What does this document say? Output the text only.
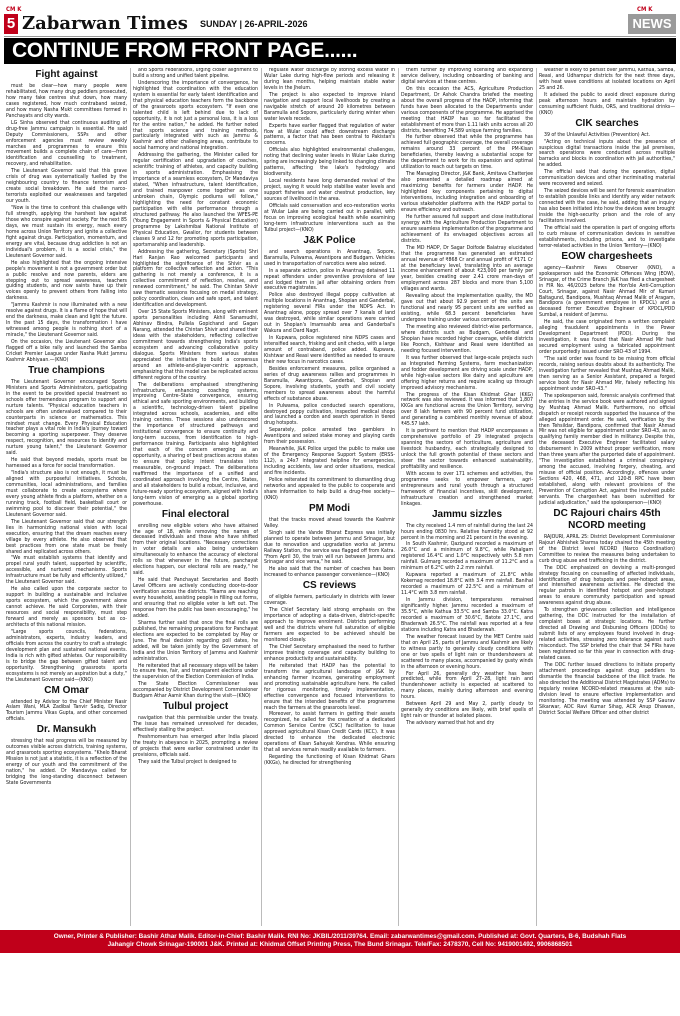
CM K	CM K
5 Zabarwan Times SUNDAY | 26-APRIL-2026	NEWS
CONTINUE FROM FRONT PAGE......
Fight against

must be clear—how many people were rehabilitated, how many drug peddlers prosecuted, how many fake centres shut down, how many cases registered, how much contraband seized, and how many Nasha Mukt committees formed in Panchayats and city wards.

LG Sinha observed that continuous auditing of drug-free Jammu campaign is essential. He said Deputy Commissioners, SSPs and other enforcement agencies must review weekly marches and programmes to ensure this movement builds a complete chain of care—from identification and counselling to treatment, recovery, and rehabilitation.

The Lieutenant Governor said that this grave crisis of drug was systematically fuelled by the neighbouring country to finance terrorism and create social breakdown. He said the narco-terrorists exploited our weaknesses and targeted our youth.

"Now is the time to confront this challenge with full strength, applying the harshest law against those who conspire against society. For the next 85 days, we must sustain its energy, reach every home across Union Territory and ignite a collective fight against drugs. Participation, momentum, and energy are vital, because drug addiction is not an individual's problem, it is a social crisis," the Lieutenant Governor said.

He also highlighted that the ongoing intensive people's movement is not a government order but a public resolve and now parents, elders are stepping out to spread awareness, teachers guiding students, and now saints have up their voices openly to prevent others from falling into darkness.

"Jammu Kashmir is now illuminated with a new resolve against drugs. It is a flame of hope that will end the darkness, make clean and light the future. In the past 15 days, the transformation I have witnessed among people is nothing short of a miracle," the Lieutenant Governor said.

On the occasion, the Lieutenant Governor also flagged off a bike rally and launched the Samba Cricket Premier League under Nasha Mukt Jammu Kashmir Abhiyaan.—(KNO)

True champions

The Lieutenant Governor encouraged Sports Ministers and Sports Administrators, participating in the event to be provided special treatment so schools offer tremendous program to support and nurture talents. "Physical education teachers in schools are often undervalued compared to their counterparts in science or mathematics. This mindset must change. Every Physical Education teacher plays a vital role in India's journey toward becoming a sporting superpower. They deserve respect, recognition, and resources to identify and nurture young talent," the Lieutenant Governor said.

He said that beyond medals, sports must be harnessed as a force for social transformation.

"India's structure also is not enough, it must be aligned with purposeful initiatives. Schools, communities, local administrations, and families must collaborate to create ecosystems where every young athlete finds a platform, whether on a running track, football field, basketball court or swimming pool to discover their potential," the Lieutenant Governor said.

The Lieutenant Governor said that our strength lies in harmonizing national vision with local execution, ensuring that the dream reaches every village by every athlete. He also observed that best practices from one state must be freely shared and replicated across others.

"We must establish systems that identify and propel rural youth talent, supported by scientific, accessible, and nurtured mechanisms. Sports infrastructure must be fully and efficiently utilized," the Lieutenant Governor said.

He also called upon the corporate sector to support in building a sustainable and inclusive sports ecosystem, which the government alone cannot achieve. He said Corporates, with their resources and social responsibility, must step forward and merely as sponsors but as co-architects of this national mission.

"Large sports councils, federations, administrators, experts, industry leaders, and officials from across the country to craft a strategic development plan and sustained national events. India is rich with gifted athletes. Our responsibility is to bridge the gap between gifted talent and opportunity. Strengthening grassroots sports ecosystems is not merely an aspiration but a duty," the Lieutenant Governor said—(KNO)

CM Omar

attended by Advisor to the Chief Minister Nasir Aslam Wani, MLA Zadibal Tanvir Sadiq, Director Tourism Jammu Vikas Gupta, and other concerned officials.

Dr. Mansukh

stressing that real progress will be measured by outcomes visible across districts, training systems, and grassroots sporting ecosystems. "Khelo Bharat Mission is not just a statistic, it is a reflection of the energy of our youth and the commitment of the nation," he added. Dr Mandaviya called for bridging the long-standing disconnect between State Governments

and Sports Federations, urging closer alignment to build a strong and unified talent pipeline.

Underscoring the importance of convergence, he highlighted that coordination with the education system is essential for early talent identification and that physical education teachers form the backbone of the grassroots sports ecosystem. "If even one talented child is left behind due to lack of opportunity, it is not just a personal loss, it is a loss for the entire nation," he added. He further noted that sports science and training methods, particularly integrated with such as Jammu & Kashmir and other challenging areas, contribute to social harmony and national integration.

Addressing the gathering, the Minister called for regular certification and upgradation of coaches, scientific training of athletes, and capacity building in sports administration. Emphasising the importance of a seamless ecosystem, Dr Mandaviya stated, "When infrastructure, talent identification, and trained manpower come together as one unbroken chain, Olympic podiums will follow," highlighting the need for constant economic participation with elite performance through a structured pathway. He also launched the WFES-PE (Young Engagement in Sports & Physical Education) programme by Lakshmibai National Institute of Physical Education, Gwalior, for students between classes 9 and 12 for promoting sports participation, sportsmanship and leadership.

Addressing the gathering, Secretary (Sports) Shri Hari Ranjan Rao welcomed participants and highlighted the significance of the Shivir as a platform for collective reflection and action. "This gathering is not merely a conference, it is a collective commitment of reflection, resolve, and renewed commitment," he said. The Chintan Shivir saw thematic sessions focusing on medal strategy, policy coordination, clean and safe sport, and talent identification and development.

Over 15 State Sports Ministers, along with eminent sports personalities including Akhil Sanamudhi, Abhinav Bindra, Pullela Gopichand and Gagan Narang, attended the Chintan Shivir and shared their ideas with the stakeholders, reflecting collective commitment towards strengthening India's sports ecosystem and advancing collaborative policy dialogue. Sports Ministers from various states appreciated the initiative to build a consensus around an athlete-and-player-centric approach, emphasizing that this model can be replicated across different regions of the country.

The deliberations emphasised strengthening infrastructure, enhancing coaching systems, improving Centre–State convergence, ensuring ethical and safe sporting environments, and building a scientific, technology-driven talent pipeline integrated across schools, academies, and elite training centres. These sessions also underscored the importance of structured pathways and institutional convergence to ensure continuity and long-term success, from identification to high-performance training. Participants also highlighted that each of the concern emerging as an opportunity, a sharing of best practices across states to ensure that policy intent translates into measurable, on-ground impact. The deliberations reaffirmed the importance of a unified and coordinated approach involving the Centre, States, and all stakeholders to build a robust, inclusive, and future-ready sporting ecosystem, aligned with India's long-term vision of emerging as a global sporting powerhouse.

Final electoral

enrolling new eligible voters who have attained the age of 18, while removing the names of deceased individuals and those who have shifted from their original locations. "Necessary corrections in voter details are also being undertaken simultaneously to enhance the accuracy of electoral rolls so that whenever in the future, panchayat elections happen, our electoral rolls are ready," he said.

He said that Panchayat Secretaries and Booth Level Officers are actively conducting door-to-door verification across the districts. "Teams are reaching every household, assisting people in filling out forms, and ensuring that no eligible voter is left out. The response from the public has been encouraging," he added.

Sharma further said that once the final rolls are published, the remaining preparations for Panchayat elections are expected to be completed by May or June. The final decision regarding poll dates, he added, will be taken jointly by the Government of India and the Union Territory of Jammu and Kashmir administration.

He reiterated that all necessary steps will be taken to ensure free, fair, and transparent elections under the supervision of the Election Commission of India.

The State Election Commissioner was accompanied by District Development Commissioner Budgam Athar Aamir Khan during the visit—(KNO)

Tulbul project

navigation that this permissible under the treaty. The issue has remained unresolved for decades, effectively stalling the project.

Freshmomentum has emerged after India placed the treaty in abeyance in 2025, prompting a review of projects that were earlier constrained under its provisions, officials said.

They said the Tulbul project is designed to

regulate water discharge by storing excess water in Wular Lake during high-flow periods and releasing it during lean months, helping maintain stable water levels in the Jhelum.

The project is also expected to improve inland navigation and support local livelihoods by creating a navigable stretch of around 20 kilometres between Baramulla and Sopore, particularly during winter when water levels recede.

Experts have earlier flagged that regulation of water flow at Wular could affect downstream discharge patterns, a factor that has been central to Pakistan's concerns.

Officials also highlighted environmental challenges, noting that declining water levels in Wular Lake during spring are increasingly being linked to changing climate patterns, affecting the lake's hydrology and biodiversity.

Local residents have long demanded revival of the project, saying it would help stabilise water levels and support fisheries and water chestnut production, key sources of livelihood in the area.

Officials said conservation and eco-restoration works at Wular Lake are being carried out in parallel, with focus on improving ecological health while examining long-term infrastructure interventions such as the Tulbul project—(KNO)

J&K Police

and search operations in Anantnag, Sopore, Baramulla, Pulwama, Awantipora and Budgam. Vehicles used in transportation of narcotics were also seized.

In a separate action, police in Anantnag detained 11 repeat offenders under preventive provisions of law and lodged them in jail after obtaining orders from executive magistrates.

Police also destroyed illegal poppy cultivation at multiple locations in Anantnag, Shopian and Ganderbal, registering several FIRs under the NDPS Act. In Anantnag alone, poppy spread over 7 kanals of land was destroyed, while similar operations were carried out in Shopian's Imamsahib area and Ganderbal's Wakura and Dard Nagri.

In Kupwara, police registered nine NDPS cases and intensified search, frisking and unit checks, with a large amount of contraband, police added. Kupwara, Kishtwar and Reasi were identified as needed to ensure their new focus in narcotics cases.

Besides enforcement measures, police organised a series of drug awareness rallies and programmes in Baramulla, Awantipora, Ganderbal, Shopian and Sopore, involving students, youth and civil society members to spread awareness about the harmful effects of substance abuse.

In Pulwama, police conducted search operations, destroyed poppy cultivation, inspected medical shops and launched a cordon and search operation in tiered drug hotspots.

Separately, police arrested two gamblers in Awantipora and seized stake money and playing cards from their possession.

Meanwhile, J&K Police urged the public to make use of the Emergency Response Support System (ERSS-112), a 24x7 integrated helpline for emergencies, including accidents, law and order situations, medical and fire incidents.

Police reiterated its commitment to dismantling drug networks and appealed to the public to cooperate and share information to help build a drug-free society—(KNO)

PM Modi

that the tracks moved ahead towards the Kashmir Valley.

Singh said the Vande Bharat Express was initially planned to operate between Jammu and Srinagar, but due to renovation and upgradation works at Jammu Railway Station, the service was flagged off from Katra. "From April 30, the train will run between Jammu and Srinagar and vice versa," he said.

He also said that the number of coaches has been increased to enhance passenger convenience—(KNO)

CS reviews

of eligible farmers, particularly in districts with lower coverage.

The Chief Secretary laid strong emphasis on the importance of adopting a data-driven, district-specific approach to improve enrolment. Districts performing well and the districts where full saturation of eligible farmers are expected to be achieved should be monitored closely.

The Chief Secretary emphasised the need to further improve training coverage and capacity building to enhance productivity and sustainability.

He reiterated that HADP has the potential to transform the agricultural landscape of J&K by enhancing farmer incomes, generating employment and promoting sustainable agriculture here. He called for rigorous monitoring, timely implementation, effective convergence and focused interventions to ensure that the intended benefits of the programme reach the farmers at the grassroots level.

Moreover, to assist farmers in getting their assets recognized, he called for the creation of a dedicated Common Service Centre (CSC) facilitation to issue approved agricultural Kisan Credit Cards (KCC). It was directed to enhance the dedicated electronic operations of Kisan Sahayak Kendras. While ensuring that all services remain readily available to farmers.

Regarding the functioning of Kisan Khidmat Ghars (KKGs), he directed for strengthening

them further by improving licensing and expanding service delivery, including onboarding of banking and digital services at these centres.

On this occasion the ACS, Agriculture Production Department, Dr Ashok Chandra briefed the meeting about the overall progress of the HADP, informing that funds have been allocated to the Departments under various components of the programme. He apprised the meeting that HADP has so far facilitated the establishment of more than 1.11 lakh units across all 20 districts, benefiting 74,589 unique farming families.

He further observed that while the programme has achieved full geographic coverage, the overall coverage remains around 33 percent of the PM-Kisan beneficiaries, thereby leaving a substantial scope for the department to work for its expansion and optimal utilization to reach out targets on time.

The Managing Director, J&K Bank, Amitava Chatterjee also presented a detailed roadmap aimed at maximizing benefits for farmers under HADP. He highlighted key components pertaining to digital interventions, including integration and onboarding of various stakeholder platforms with the HADP portal to ensure efficiency and outreach.

He further assured full support and close institutional synergy with the Agriculture Production Department to ensure seamless implementation of the programme and achievement of its envisaged objectives across all districts.

The MD HADP, Dr Sagar Doifode Balatray elucidated that the programme has generated an estimated annual revenue of ₹868 Cr and annual profit of ₹171 Cr at the beneficiary level, translating into an average income enhancement of about ₹23,000 per family per year, besides creating over 2.41 crore man-days of employment across 287 blocks and more than 5,100 villages and wards.

Revealing about the implementation quality, the MD gave out that about 92.9 percent of the units are functional and nearly 95 percent units are verified as existing, while 68.3 percent beneficiaries have undergone training under various components.

The meeting also reviewed district-wise performance, where districts such as Budgam, Ganderbal and Shopian have recorded higher coverage, while districts like Poonch, Kishtwar and Reasi were identified as needing focused intervention.

It was further observed that large-scale projects such as Integrated Farming Systems, farm mechanization and fodder development are driving scale under HADP, while high-value sectors like dairy and apiculture are offering higher returns and require scaling up through improved advisory mechanisms.

The progress of the Kisan Khidmat Ghar (KKG) network was also reviewed. It was informed that 1,807 KKGs are functional across the Union Territory, serving over 8 lakh farmers with 90 percent fund utilization, and generating a combined monthly revenue of about ₹45.57 lakh.

It is pertinent to mention that HADP encompasses a comprehensive portfolio of 29 integrated projects spanning the sectors of horticulture, agriculture and livestock husbandry, each strategically designed to unlock the full growth potential of these sectors and steer the sector towards enhanced sustainability, profitability and resilience.

With access to over 171 schemes and activities, the programme seeks to empower farmers, agri-entrepreneurs and rural youth through a structured framework of financial incentives, skill development, infrastructure creation and strengthened market linkages.

Jammu sizzles

The city received 1.4 mm of rainfall during the last 24 hours ending 0830 hrs. Relative humidity stood at 92 percent in the morning and 21 percent in the evening.

In South Kashmir, Qazigund recorded a maximum of 26.0°C and a minimum of 9.8°C, while Pahalgam registered 16.4°C and 1.0°C respectively with 5.8 mm rainfall. Gulmarg recorded a maximum of 11.2°C and a minimum of 6.2°C with 2.2 mm rainfall.

Kupwara reported a maximum of 21.8°C while Kokernag recorded 18.8°C with 3.4 mm rainfall. Banihal recorded a maximum of 22.5°C and a minimum of 11.4°C with 3.8 mm rainfall.

In Jammu division, temperatures remained significantly higher. Jammu recorded a maximum of 35.5°C, while Kathua 33.5°C and Samba 33.0°C. Katra recorded a maximum of 30.6°C, Batote 27.1°C, and Bhaderwah 26.5°C. The rainfall was reported at a few stations including Katra and Bhaderwah.

The weather forecast issued by the MET Centre said that on April 25, parts of Jammu and Kashmir are likely to witness partly to generally cloudy conditions with one or two spells of light rain or thundershowers at scattered to many places, accompanied by gusty winds in the afternoon or evening hours.

For April 26, generally dry weather has been predicted, while from April 27–28, light rain and thundershower activity is expected at scattered to many places, mainly during afternoon and evening hours.

Between April 29 and May 2, partly cloudy to generally dry conditions are likely, with brief spells of light rain or thunder at isolated places.

The advisory warned that hot and dry

weather is likely to persist over Jammu, Kathua, Samba, Reasi, and Udhampur districts for the next three days, with heat wave conditions at isolated locations on April 25 and 26.

It advised the public to avoid direct exposure during peak afternoon hours and maintain hydration by consuming sufficient fluids, ORS, and traditional drinks—(KNO)

CIK searches

39 of the Unlawful Activities (Prevention) Act.

"Acting on technical inputs about the presence of suspicious digital transactions inside the jail premises, search operations were conducted across multiple barracks and blocks in coordination with jail authorities," he added.

The official said that during the operation, digital communication devices and other incriminating material were recovered and seized.

The seized devices will be sent for forensic examination to establish possible links and identify any wider network connected with the case, he said, adding that an inquiry has also been initiated into how the devices were brought inside the high-security prison and the role of any facilitators involved.

The official said the operation is part of ongoing efforts to curb misuse of communication devices in sensitive establishments, including prisons, and to investigate terror-related activities in the Union Territory—(KNO)

EOW chargesheets

agency—Kashmir News Observer (KNO), a spokesperson said the Economic Offences Wing (EOW), Srinagar, of the Crime Branch J&K has filed a chargesheet in FIR No. 46/2023 before the Hon'ble Anti-Corruption Court, Srinagar, against Nasir Ahmad Mir of Kumari Baltagund, Bandipora, Mushtaq Ahmad Malik of Aragam, Bandipora (a government employee in KPDCL) and a deceased former Executive Engineer of KPDCL/PDD Sumbal, a resident of Jammu.

He said, the case originated from a written complaint alleging fraudulent appointments in the Power Development Department (PDD). During the investigation, it was found that Nasir Ahmad Mir had secured employment using a fabricated appointment order purportedly issued under SRO-43 of 1994.

"The said order was found to be missing from official records, raising serious doubts about its authenticity. The investigation further revealed that Mushtaq Ahmad Malik, then serving as a Senior Assistant, prepared a forged service book for Nasir Ahmad Mir, falsely reflecting his appointment under SRO-43."

The spokesperson said, forensic analysis confirmed that the entries in the service book were authored and signed by Mushtaq Ahmad Malik. Furthermore, no official dispatch or receipt records supported the issuance of the alleged appointment order. He said, verification by the then Tehsildar, Bandipora, confirmed that Nasir Ahmad Mir was not eligible for appointment under SRO-43, as no qualifying family member died in militancy. Despite this, the deceased Executive Engineer facilitated salary disbursement in 2009 without proper verification, more than three years after the purported date of appointment. "The investigation established a criminal conspiracy among the accused, involving forgery, cheating, and misuse of official position. Accordingly, offences under Sections 420, 468, 471, and 120-B RPC have been established, along with relevant provisions of the Prevention of Corruption Act, against the involved public servants. The chargesheet has been submitted for judicial adjudication," said the spokesperson—(KNO)

DC Rajouri chairs 45th NCORD meeting

RAJOURI, APRIL 25: District Development Commissioner Rajouri Abhishek Sharma today chaired the 45th meeting of the District level NCORD (Narco Coordination) Committee to review the measures being undertaken to curb drug abuse and trafficking in the district.

The DDC emphasized on devising a multi-pronged strategy focusing on counselling of affected individuals, identification of drug hotspots and peer-hotspot areas, and intensified awareness activities. He directed the regular patrols in identified hotspot and peer-hotspot areas to ensure community participation and spread awareness against drug abuse.

To strengthen grievances collection and intelligence gathering, the DDC instructed for the installation of complaint boxes at strategic locations. He further directed all Drawing and Disbursing Officers (DDOs) to submit lists of any employees found involved in drug-related activities, stressing zero tolerance against such misconduct. The SSP briefed the chair that 34 FIRs have been registered so far this year in connection with drug-related cases.

The DDC further issued directions to initiate property attachment proceedings against drug peddlers to dismantle the financial backbone of the illicit trade. He also directed the Additional District Magistrates (ADMs) to regularly review NCORD-related measures at the sub-division level to ensure effective implementation and monitoring. The meeting was attended by SSP Gaurav Sikarwar, ADC Ravi Kumar Sihag, ACR Anup Dhawan, District Social Welfare Officer and other district

Owner, Printer & Publisher: Bashir Athar Malik. Editor-in-Chief: Bashir Malik. RNI No: JKBIL/2011/39764. Email: zabarwantimes@gmail.com. Published at: Govt. Quarters, B-6, Budshah Flats
Jahangir Chowk Srinagar-190001 J&K. Printed at: Khidmat Offset Printing Press, The Bund Srinagar. Tele/Fax: 2478370, Cell No: 9419001492, 9906868501
